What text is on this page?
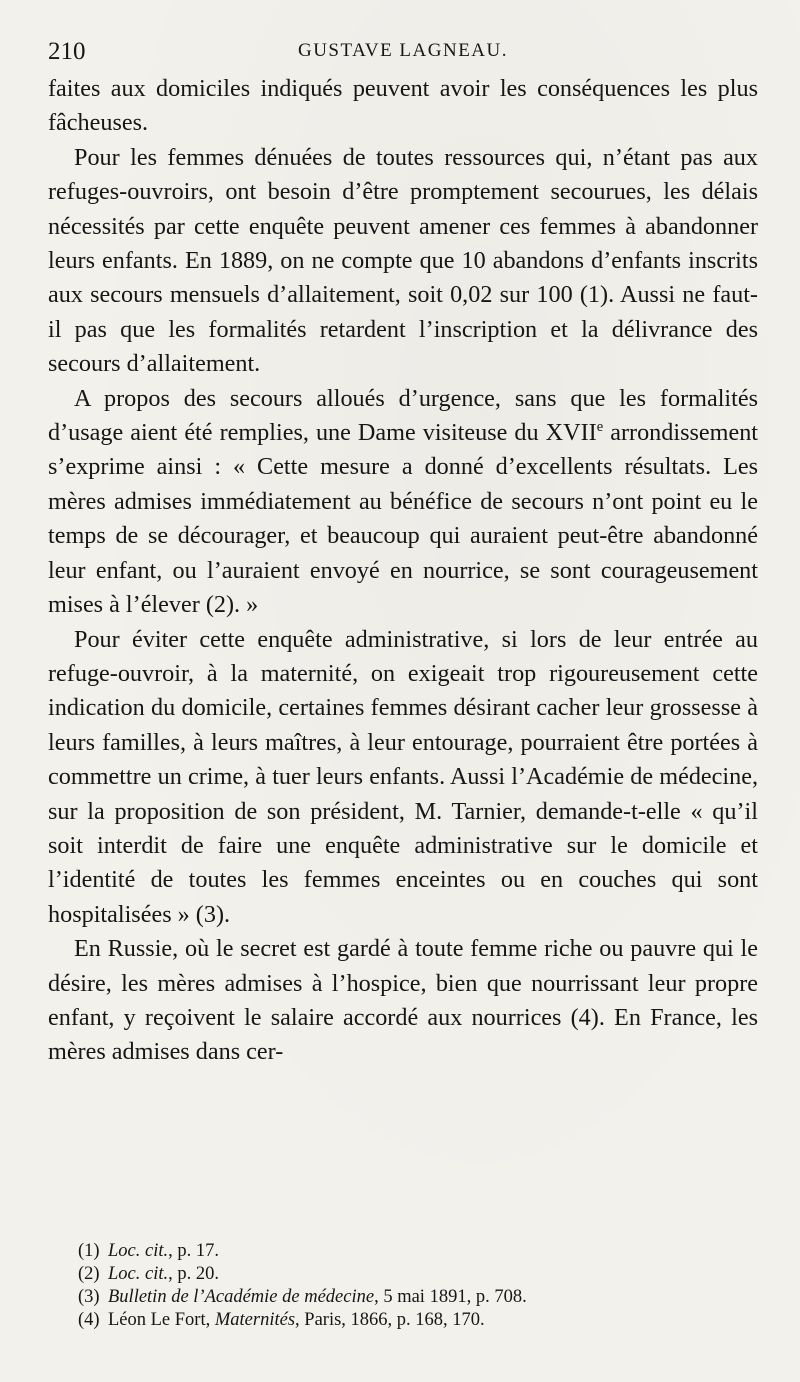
210	GUSTAVE LAGNEAU.

faites aux domiciles indiqués peuvent avoir les conséquences les plus fâcheuses.

Pour les femmes dénuées de toutes ressources qui, n’étant pas aux refuges-ouvroirs, ont besoin d’être promptement secourues, les délais nécessités par cette enquête peuvent amener ces femmes à abandonner leurs enfants. En 1889, on ne compte que 10 abandons d’enfants inscrits aux secours mensuels d’allaitement, soit 0,02 sur 100 (1). Aussi ne faut-il pas que les formalités retardent l’inscription et la délivrance des secours d’allaitement.

A propos des secours alloués d’urgence, sans que les formalités d’usage aient été remplies, une Dame visiteuse du XVIIe arrondissement s’exprime ainsi : « Cette mesure a donné d’excellents résultats. Les mères admises immédiatement au bénéfice de secours n’ont point eu le temps de se décourager, et beaucoup qui auraient peut-être abandonné leur enfant, ou l’auraient envoyé en nourrice, se sont courageusement mises à l’élever (2). »

Pour éviter cette enquête administrative, si lors de leur entrée au refuge-ouvroir, à la maternité, on exigeait trop rigoureusement cette indication du domicile, certaines femmes désirant cacher leur grossesse à leurs familles, à leurs maîtres, à leur entourage, pourraient être portées à commettre un crime, à tuer leurs enfants. Aussi l’Académie de médecine, sur la proposition de son président, M. Tarnier, demande-t-elle « qu’il soit interdit de faire une enquête administrative sur le domicile et l’identité de toutes les femmes enceintes ou en couches qui sont hospitalisées » (3).

En Russie, où le secret est gardé à toute femme riche ou pauvre qui le désire, les mères admises à l’hospice, bien que nourrissant leur propre enfant, y reçoivent le salaire accordé aux nourrices (4). En France, les mères admises dans cer-

(1) Loc. cit., p. 17.

(2) Loc. cit., p. 20.

(3) Bulletin de l’Académie de médecine, 5 mai 1891, p. 708.

(4) Léon Le Fort, Maternités, Paris, 1866, p. 168, 170.
